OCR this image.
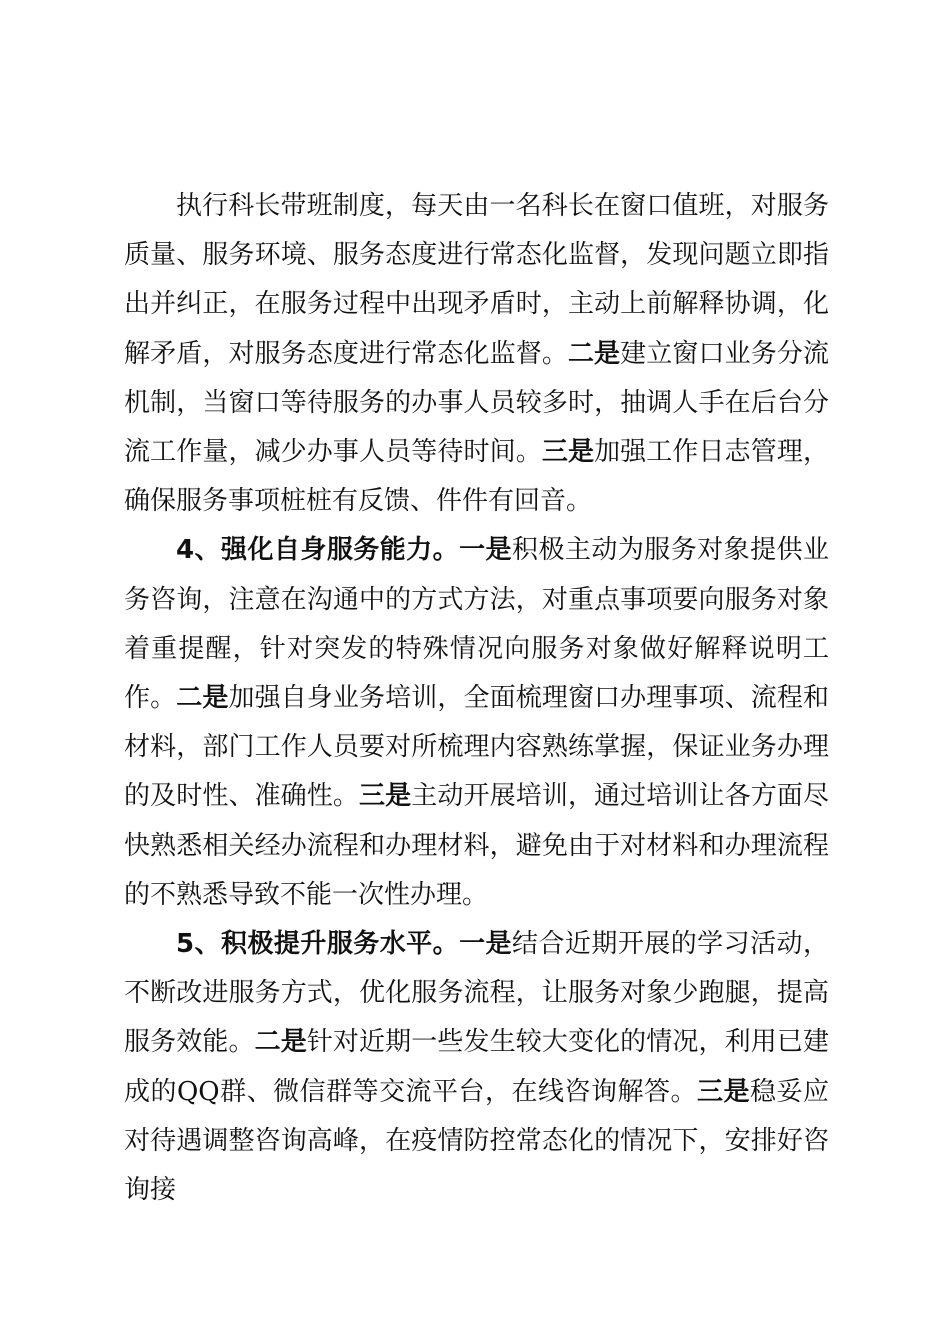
执行科长带班制度，每天由一名科长在窗口值班，对服务质量、服务环境、服务态度进行常态化监督，发现问题立即指出并纠正，在服务过程中出现矛盾时，主动上前解释协调，化解矛盾，对服务态度进行常态化监督。二是建立窗口业务分流机制，当窗口等待服务的办事人员较多时，抽调人手在后台分流工作量，减少办事人员等待时间。三是加强工作日志管理，确保服务事项桩桩有反馈、件件有回音。

4、强化自身服务能力。一是积极主动为服务对象提供业务咨询，注意在沟通中的方式方法，对重点事项要向服务对象着重提醒，针对突发的特殊情况向服务对象做好解释说明工作。二是加强自身业务培训，全面梳理窗口办理事项、流程和材料，部门工作人员要对所梳理内容熟练掌握，保证业务办理的及时性、准确性。三是主动开展培训，通过培训让各方面尽快熟悉相关经办流程和办理材料，避免由于对材料和办理流程的不熟悉导致不能一次性办理。

5、积极提升服务水平。一是结合近期开展的学习活动，不断改进服务方式，优化服务流程，让服务对象少跑腿，提高服务效能。二是针对近期一些发生较大变化的情况，利用已建成的QQ群、微信群等交流平台，在线咨询解答。三是稳妥应对待遇调整咨询高峰，在疫情防控常态化的情况下，安排好咨询接
